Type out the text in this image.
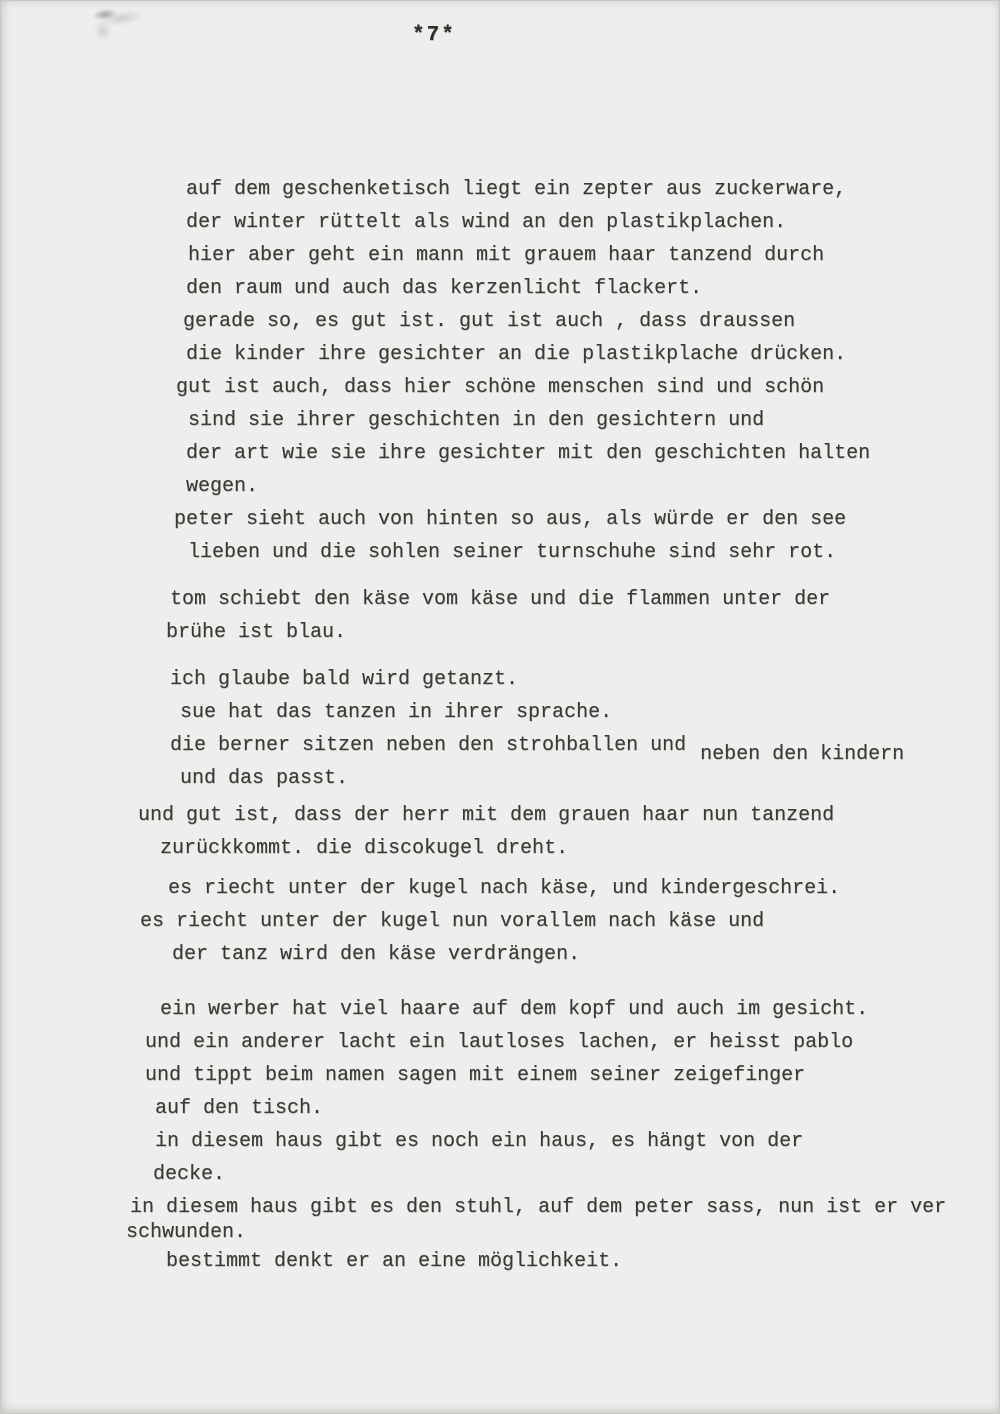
*7*
auf dem geschenketisch liegt ein zepter aus zuckerware,
der winter rüttelt als wind an den plastikplachen.
hier aber geht ein mann mit grauem haar tanzend durch
den raum und auch das kerzenlicht flackert.
gerade so, es gut ist. gut ist auch , dass draussen
die kinder ihre gesichter an die plastikplache drücken.
gut ist auch, dass hier schöne menschen sind und schön
sind sie ihrer geschichten in den gesichtern und
der art wie sie ihre gesichter mit den geschichten halten
wegen.
peter sieht auch von hinten so aus, als würde er den see
lieben und die sohlen seiner turnschuhe sind sehr rot.
tom schiebt den käse vom käse und die flammen unter der
brühe ist blau.
ich glaube bald wird getanzt.
sue hat das tanzen in ihrer sprache.
die berner sitzen neben den strohballen und neben den kindern
und das passt.
und gut ist, dass der herr mit dem grauen haar nun tanzend
zurückkommt. die discokugel dreht.
es riecht unter der kugel nach käse, und kindergeschrei.
es riecht unter der kugel nun vorallem nach käse und
der tanz wird den käse verdrängen.
ein werber hat viel haare auf dem kopf und auch im gesicht.
und ein anderer lacht ein lautloses lachen, er heisst pablo
und tippt beim namen sagen mit einem seiner zeigefinger
auf den tisch.
in diesem haus gibt es noch ein haus, es hängt von der
decke.
in diesem haus gibt es den stuhl, auf dem peter sass, nun ist er ver
schwunden.
bestimmt denkt er an eine möglichkeit.
